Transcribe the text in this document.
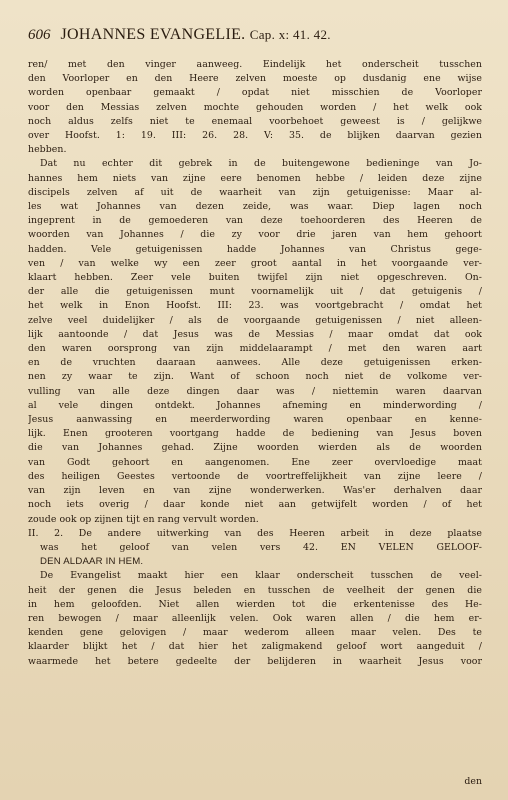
606 JOHANNES EVANGELIE. Cap. x: 41. 42.
ren/ met den vinger aanweeg. Eindelijk het onderscheit tusschen
den Voorloper en den Heere zelven moeste op dusdanig ene wijse
worden openbaar gemaakt / opdat niet misschien de Voorloper
voor den Messias zelven mochte gehouden worden / het welk ook
noch aldus zelfs niet te enemaal voorbehoet geweest is / gelijkwe
over Hoofst. 1: 19. III: 26. 28. V: 35. de blijken daarvan gezien
hebben.
Dat nu echter dit gebrek in de buitengewone bedieninge van Jo-
hannes hem niets van zijne eere benomen hebbe / leiden deze zijne
discipels zelven af uit de waarheit van zijn getuigenisse: Maar al-
les wat Johannes van dezen zeide, was waar. Diep lagen noch
ingeprent in de gemoederen van deze toehoorderen des Heeren de
woorden van Johannes / die zy voor drie jaren van hem gehoort
hadden. Vele getuigenissen hadde Johannes van Christus gege-
ven / van welke wy een zeer groot aantal in het voorgaande ver-
klaart hebben. Zeer vele buiten twijfel zijn niet opgeschreven. On-
der alle die getuigenissen munt voornamelijk uit / dat getuigenis /
het welk in Enon Hoofst. III: 23. was voortgebracht / omdat het
zelve veel duidelijker / als de voorgaande getuigenissen / niet alleen-
lijk aantoonde / dat Jesus was de Messias / maar omdat dat ook
den waren oorsprong van zijn middelaarampt / met den waren aart
en de vruchten daaraan aanwees. Alle deze getuigenissen erken-
nen zy waar te zijn. Want of schoon noch niet de volkome ver-
vulling van alle deze dingen daar was / niettemin waren daarvan
al vele dingen ontdekt. Johannes afneming en minderwording /
Jesus aanwassing en meerderwording waren openbaar en kenne-
lijk. Enen grooteren voortgang hadde de bediening van Jesus boven
die van Johannes gehad. Zijne woorden wierden als de woorden
van Godt gehoort en aangenomen. Ene zeer overvloedige maat
des heiligen Geestes vertoonde de voortreffelijkheit van zijne leere /
van zijn leven en van zijne wonderwerken. Was'er derhalven daar
noch iets overig / daar konde niet aan getwijfelt worden / of het
zoude ook op zijnen tijt en rang vervult worden.
II. 2. De andere uitwerking van des Heeren arbeit in deze plaatse
was het geloof van velen vers 42. EN VELEN GELOOF-
DEN ALDAAR IN HEM.
De Evangelist maakt hier een klaar onderscheit tusschen de veel-
heit der genen die Jesus beleden en tusschen de veelheit der genen die
in hem geloofden. Niet allen wierden tot die erkentenisse des He-
ren bewogen / maar alleenlijk velen. Ook waren allen / die hem er-
kenden gene gelovigen / maar wederom alleen maar velen. Des te
klaarder blijkt het / dat hier het zaligmakend geloof wort aangeduit /
waarmede het betere gedeelte der belijderen in waarheit Jesus voor
den
